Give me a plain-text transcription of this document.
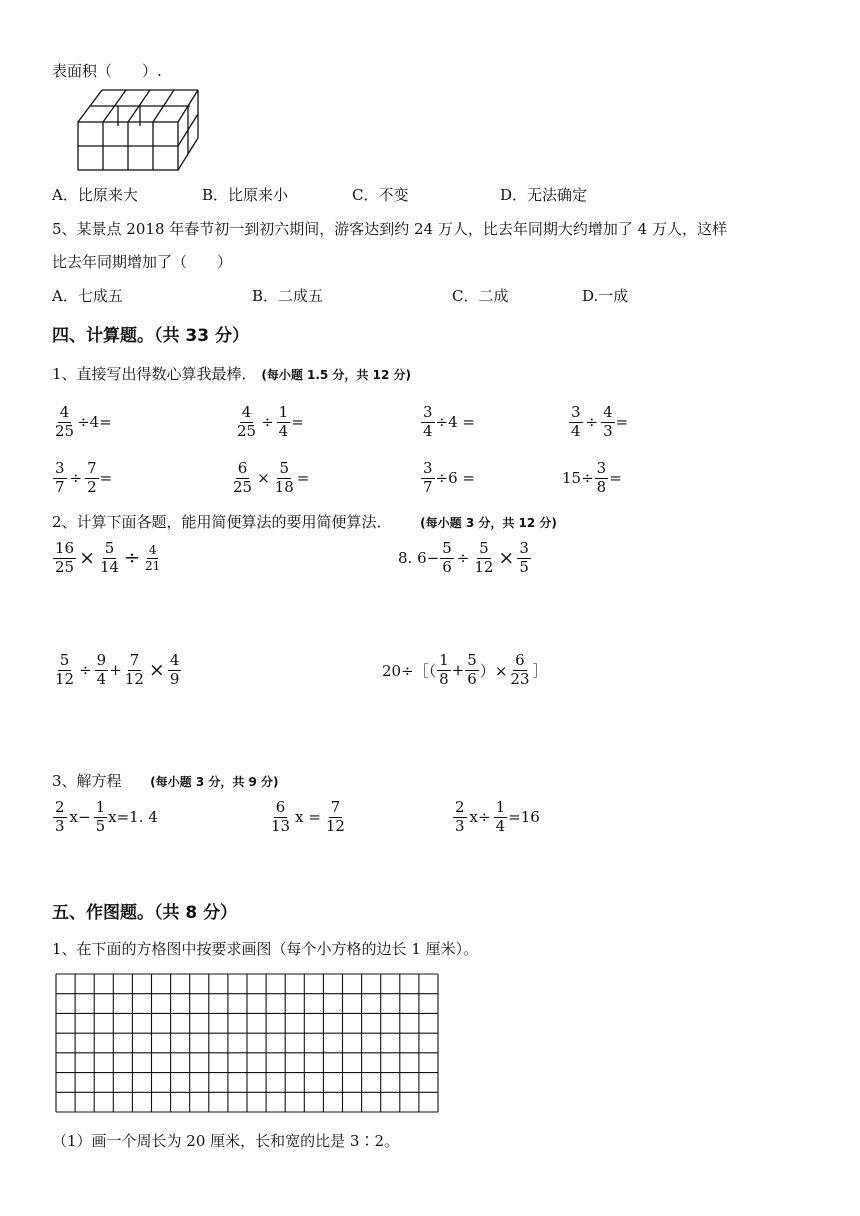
表面积（　　）.
A．比原来大	B．比原来小	C．不变	D．无法确定
5、某景点 2018 年春节初一到初六期间，游客达到约 24 万人，比去年同期大约增加了 4 万人，这样
比去年同期增加了（　　）
A．七成五	B．二成五	C．二成	D.一成
四、计算题。（共 33 分）
1、直接写出得数心算我最棒． (每小题 1.5 分，共 12 分)
$\frac{4}{25} \div 4=$	$\frac{4}{25} \div \frac{1}{4}$ =	$\frac{3}{4} \div 4$ =	$\frac{3}{4} \div \frac{4}{3}$ =
$\frac{3}{7} \div \frac{7}{2}$ =	$\frac{6}{25} \times \frac{5}{18}$ =	$\frac{3}{7} \div 6$ =	$15\div \frac{3}{8}$ =
2、计算下面各题，能用简便算法的要用简便算法． (每小题 3 分，共 12 分)
$\frac{16}{25} \times \frac{5}{14} \div \frac{4}{21}$	8. $6- \frac{5}{6} \div \frac{5}{12} \times \frac{3}{5}$
$\frac{5}{12} \div \frac{9}{4} + \frac{7}{12} \times \frac{4}{9}$	20÷［（ $\frac{1}{8} + \frac{5}{6}$ ）× $\frac{6}{23}$ ］
3、解方程 (每小题 3 分，共 9 分)
$\frac{2}{3} x- \frac{1}{5} x=1$. 4	$\frac{6}{13}$ $x = \frac{7}{12}$	$\frac{2}{3} x\div \frac{1}{4} =16$
五、作图题。（共 8 分）
1、在下面的方格图中按要求画图（每个小方格的边长 1 厘米）。
（1）画一个周长为 20 厘米，长和宽的比是 3∶2。
